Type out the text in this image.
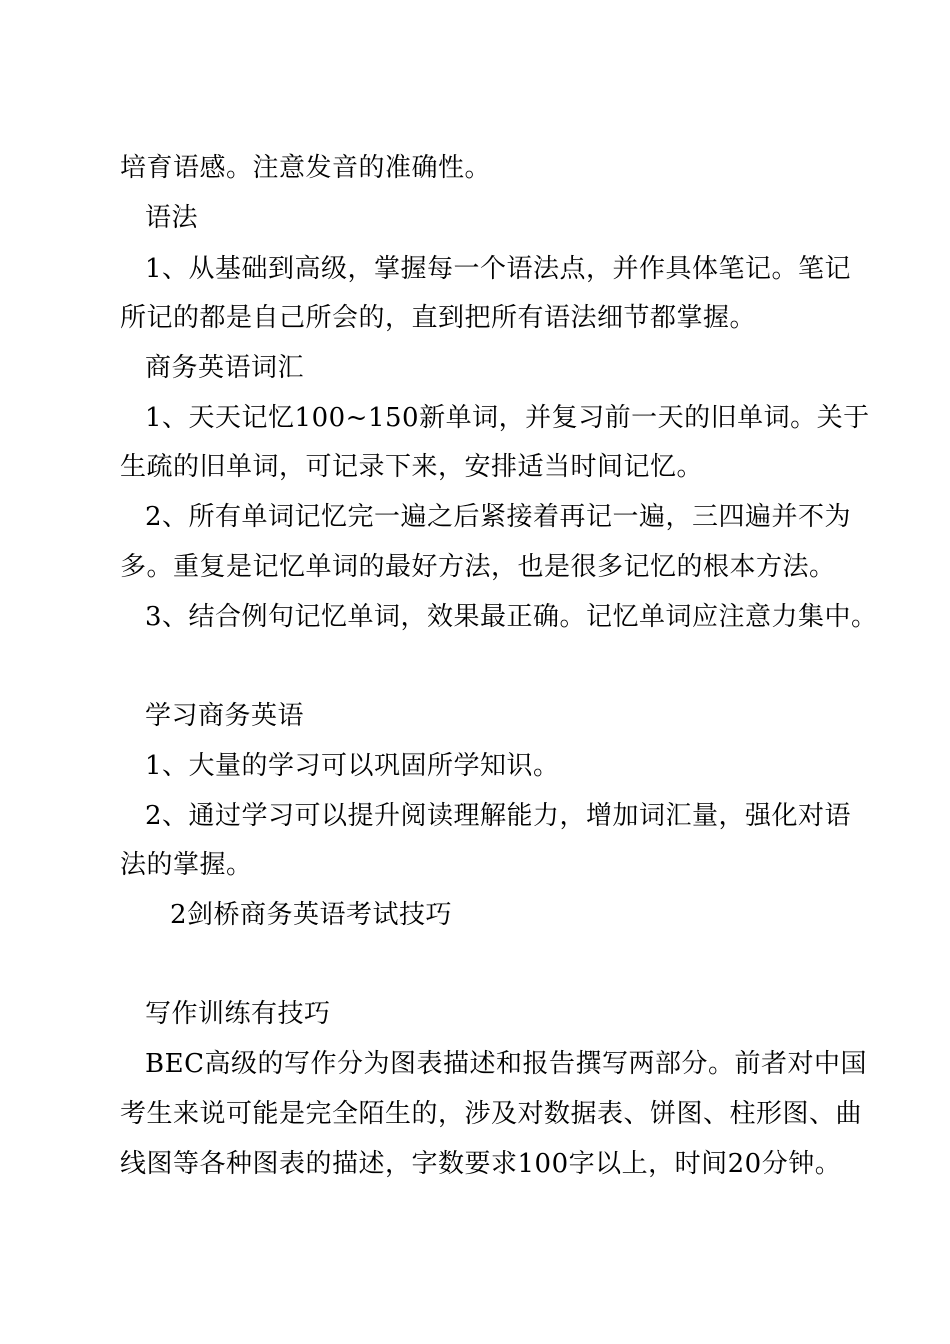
培育语感。注意发音的准确性。
语法
1、从基础到高级，掌握每一个语法点，并作具体笔记。笔记
所记的都是自己所会的，直到把所有语法细节都掌握。
商务英语词汇
1、天天记忆100~150新单词，并复习前一天的旧单词。关于
生疏的旧单词，可记录下来，安排适当时间记忆。
2、所有单词记忆完一遍之后紧接着再记一遍，三四遍并不为
多。重复是记忆单词的最好方法，也是很多记忆的根本方法。
3、结合例句记忆单词，效果最正确。记忆单词应注意力集中。
学习商务英语
1、大量的学习可以巩固所学知识。
2、通过学习可以提升阅读理解能力，增加词汇量，强化对语
法的掌握。
2剑桥商务英语考试技巧
写作训练有技巧
BEC高级的写作分为图表描述和报告撰写两部分。前者对中国
考生来说可能是完全陌生的，涉及对数据表、饼图、柱形图、曲
线图等各种图表的描述，字数要求100字以上，时间20分钟。
